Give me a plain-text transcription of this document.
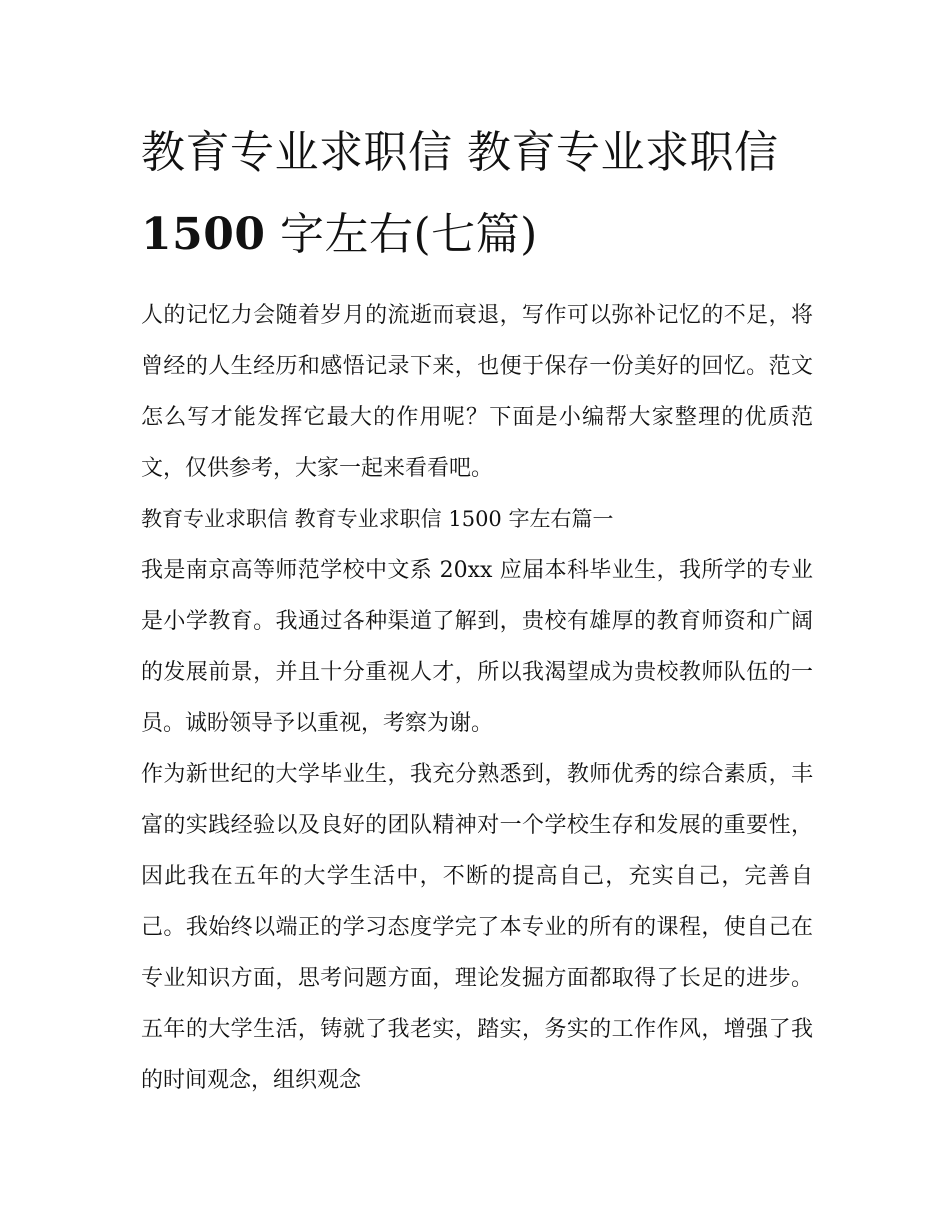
教育专业求职信 教育专业求职信1500 字左右(七篇)

人的记忆力会随着岁月的流逝而衰退，写作可以弥补记忆的不足，将曾经的人生经历和感悟记录下来，也便于保存一份美好的回忆。范文怎么写才能发挥它最大的作用呢？下面是小编帮大家整理的优质范文，仅供参考，大家一起来看看吧。

教育专业求职信 教育专业求职信 1500 字左右篇一

我是南京高等师范学校中文系 20xx 应届本科毕业生，我所学的专业是小学教育。我通过各种渠道了解到，贵校有雄厚的教育师资和广阔的发展前景，并且十分重视人才，所以我渴望成为贵校教师队伍的一员。诚盼领导予以重视，考察为谢。

作为新世纪的大学毕业生，我充分熟悉到，教师优秀的综合素质，丰富的实践经验以及良好的团队精神对一个学校生存和发展的重要性，因此我在五年的大学生活中，不断的提高自己，充实自己，完善自己。我始终以端正的学习态度学完了本专业的所有的课程，使自己在专业知识方面，思考问题方面，理论发掘方面都取得了长足的进步。五年的大学生活，铸就了我老实，踏实，务实的工作作风，增强了我的时间观念，组织观念
